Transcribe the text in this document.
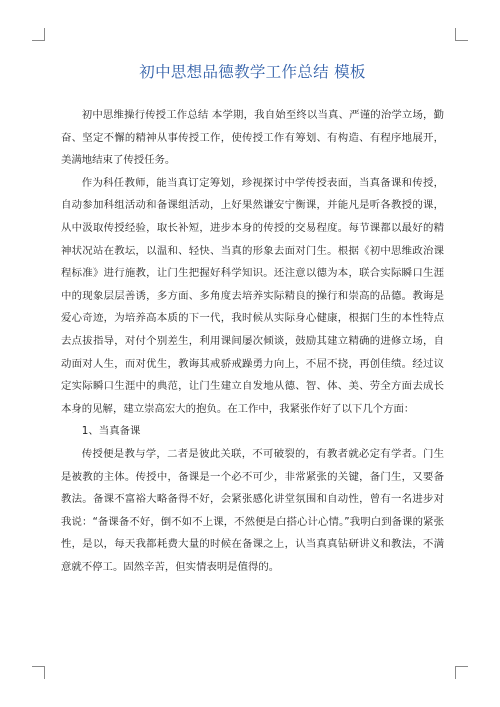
初中思想品德教学工作总结 模板

初中思维操行传授工作总结 本学期，我自始至终以当真、严谨的治学立场，勤奋、坚定不懈的精神从事传授工作，使传授工作有筹划、有构造、有程序地展开，美满地结束了传授任务。

作为科任教师，能当真订定筹划，珍视探讨中学传授表面，当真备课和传授，自动参加科组活动和备课组活动，上好果然谦安宁衡课，并能凡是听各教授的课，从中汲取传授经验，取长补短，进步本身的传授的交易程度。每节课都以最好的精神状况站在教坛，以温和、轻快、当真的形象去面对门生。根据《初中思维政治课程标准》进行施教，让门生把握好科学知识。还注意以德为本，联合实际瞬口生涯中的现象层层善诱，多方面、多角度去培养实际精良的操行和崇高的品德。教诲是爱心奇迹，为培养高本质的下一代，我时候从实际身心健康，根据门生的本性特点去点拔指导，对付个别差生，利用课间屡次倾谈，鼓励其建立精确的进修立场，自动面对人生，而对优生，教诲其戒骄戒躁勇力向上，不屈不挠，再创佳绩。经过议定实际瞬口生涯中的典范，让门生建立自发地从德、智、体、美、劳全方面去成长本身的见解，建立崇高宏大的抱负。在工作中，我紧张作好了以下几个方面：

1、当真备课

传授便是教与学，二者是彼此关联，不可破裂的，有教者就必定有学者。门生是被教的主体。传授中，备课是一个必不可少，非常紧张的关键，备门生，又要备教法。备课不富裕大略备得不好，会紧张感化讲堂氛围和自动性，曾有一名进步对我说：“备课备不好，倒不如不上课，不然便是白搭心计心情。”我明白到备课的紧张性，是以，每天我都耗费大量的时候在备课之上，认当真真钻研讲义和教法，不满意就不停工。固然辛苦，但实情表明是值得的。
